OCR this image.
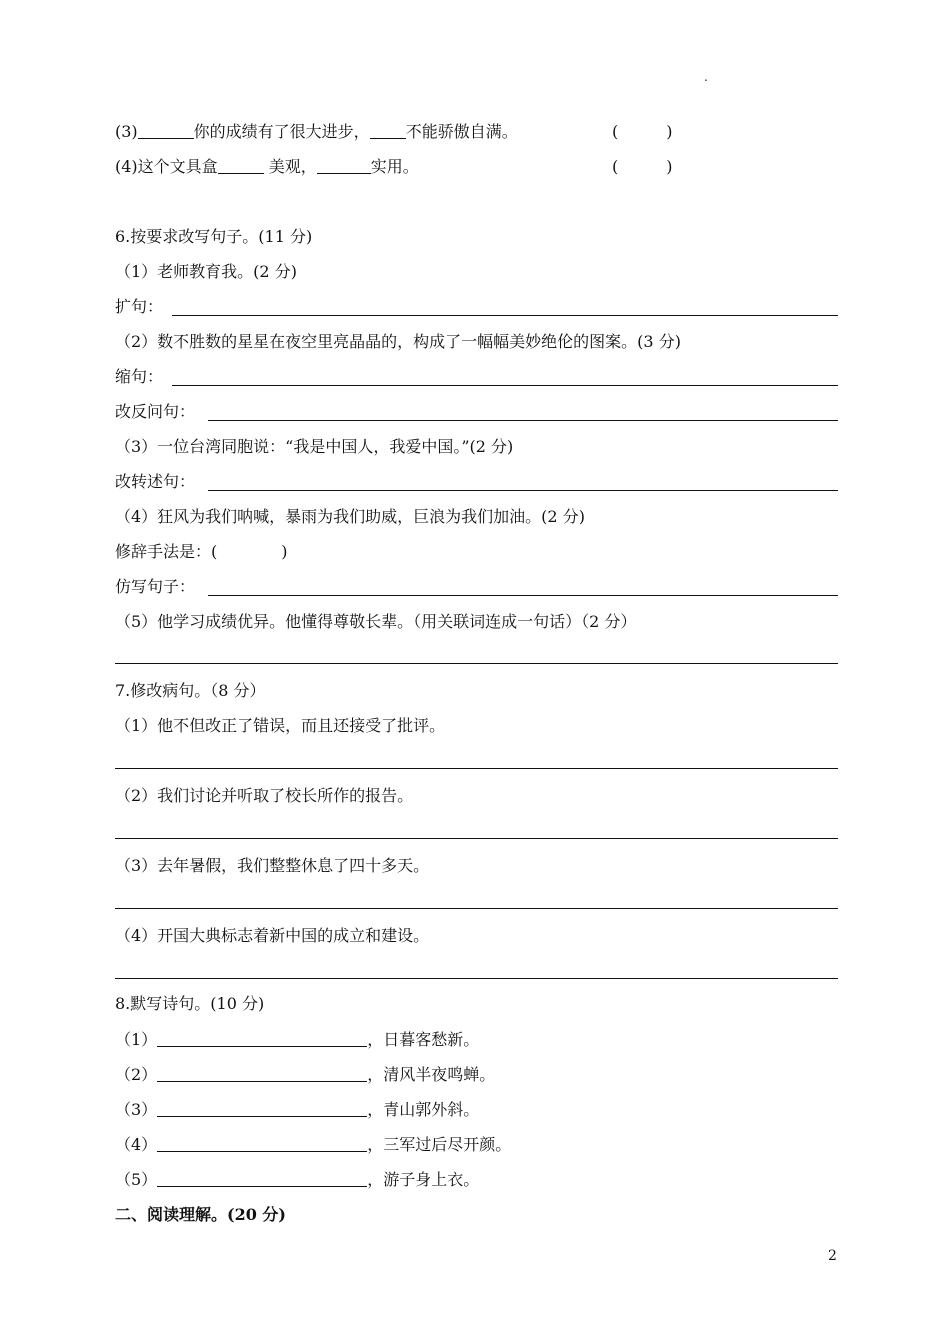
.
(3)	你的成绩有了很大进步， 不能骄傲自满。	(　　　)
(4)这个文具盒	美观，	实用。	(　　　)
6.按要求改写句子。(11 分)
（1）老师教育我。(2 分)
扩句：
（2）数不胜数的星星在夜空里亮晶晶的，构成了一幅幅美妙绝伦的图案。(3 分)
缩句：
改反问句：
（3）一位台湾同胞说：“我是中国人，我爱中国。”(2 分)
改转述句：
（4）狂风为我们呐喊，暴雨为我们助威，巨浪为我们加油。(2 分)
修辞手法是：(　　　　)
仿写句子：
（5）他学习成绩优异。他懂得尊敬长辈。（用关联词连成一句话）（2 分）
7.修改病句。（8 分）
（1）他不但改正了错误，而且还接受了批评。
（2）我们讨论并听取了校长所作的报告。
（3）去年暑假，我们整整休息了四十多天。
（4）开国大典标志着新中国的成立和建设。
8.默写诗句。(10 分)
（1）	，日暮客愁新。
（2）	，清风半夜鸣蝉。
（3）	，青山郭外斜。
（4）	，三军过后尽开颜。
（5）	，游子身上衣。
二、阅读理解。(20 分)
2
